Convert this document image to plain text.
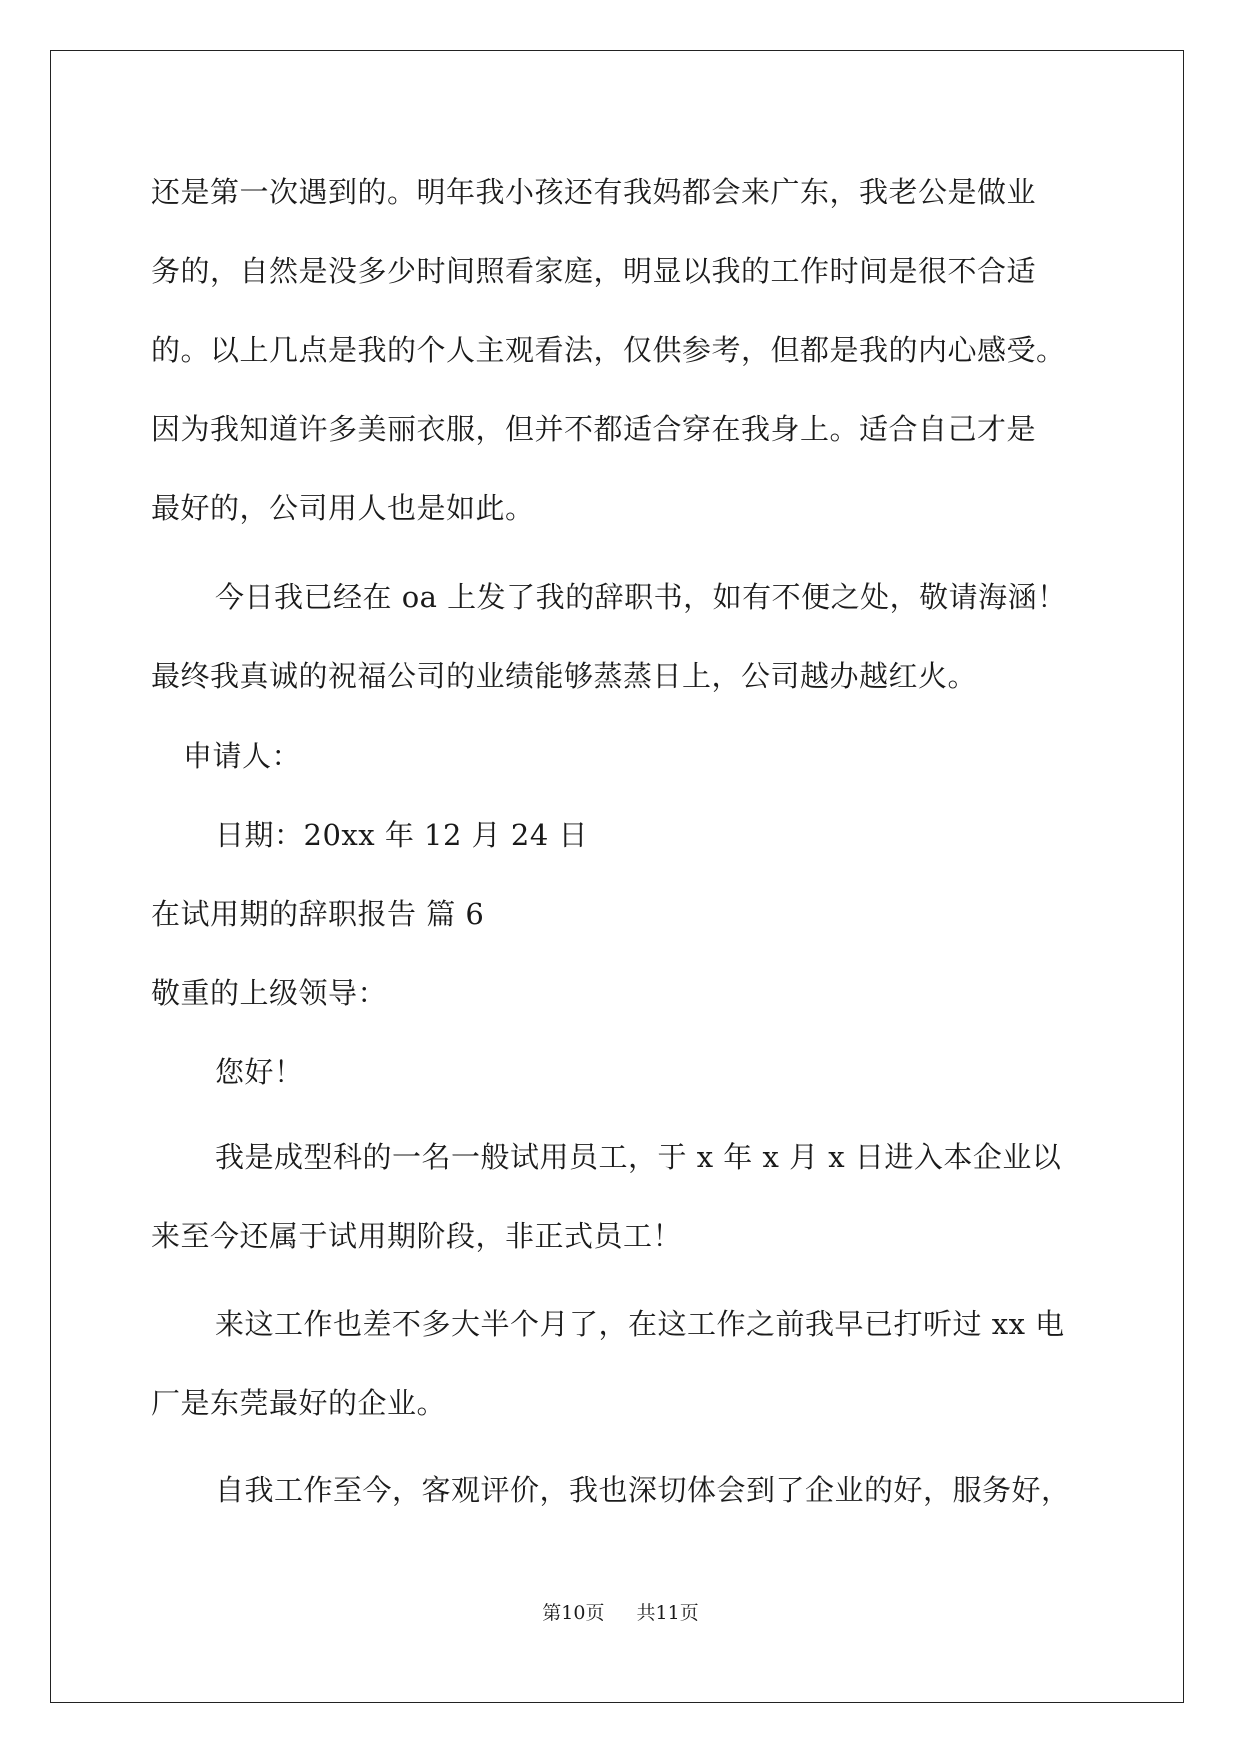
还是第一次遇到的。明年我小孩还有我妈都会来广东，我老公是做业
务的，自然是没多少时间照看家庭，明显以我的工作时间是很不合适
的。以上几点是我的个人主观看法，仅供参考，但都是我的内心感受。
因为我知道许多美丽衣服，但并不都适合穿在我身上。适合自己才是
最好的，公司用人也是如此。
今日我已经在 oa 上发了我的辞职书，如有不便之处，敬请海涵！
最终我真诚的祝福公司的业绩能够蒸蒸日上，公司越办越红火。
申请人：
日期：20xx 年 12 月 24 日
在试用期的辞职报告 篇 6
敬重的上级领导：
您好！
我是成型科的一名一般试用员工，于 x 年 x 月 x 日进入本企业以
来至今还属于试用期阶段，非正式员工！
来这工作也差不多大半个月了，在这工作之前我早已打听过 xx 电
厂是东莞最好的企业。
自我工作至今，客观评价，我也深切体会到了企业的好，服务好，
第10页 共11页
